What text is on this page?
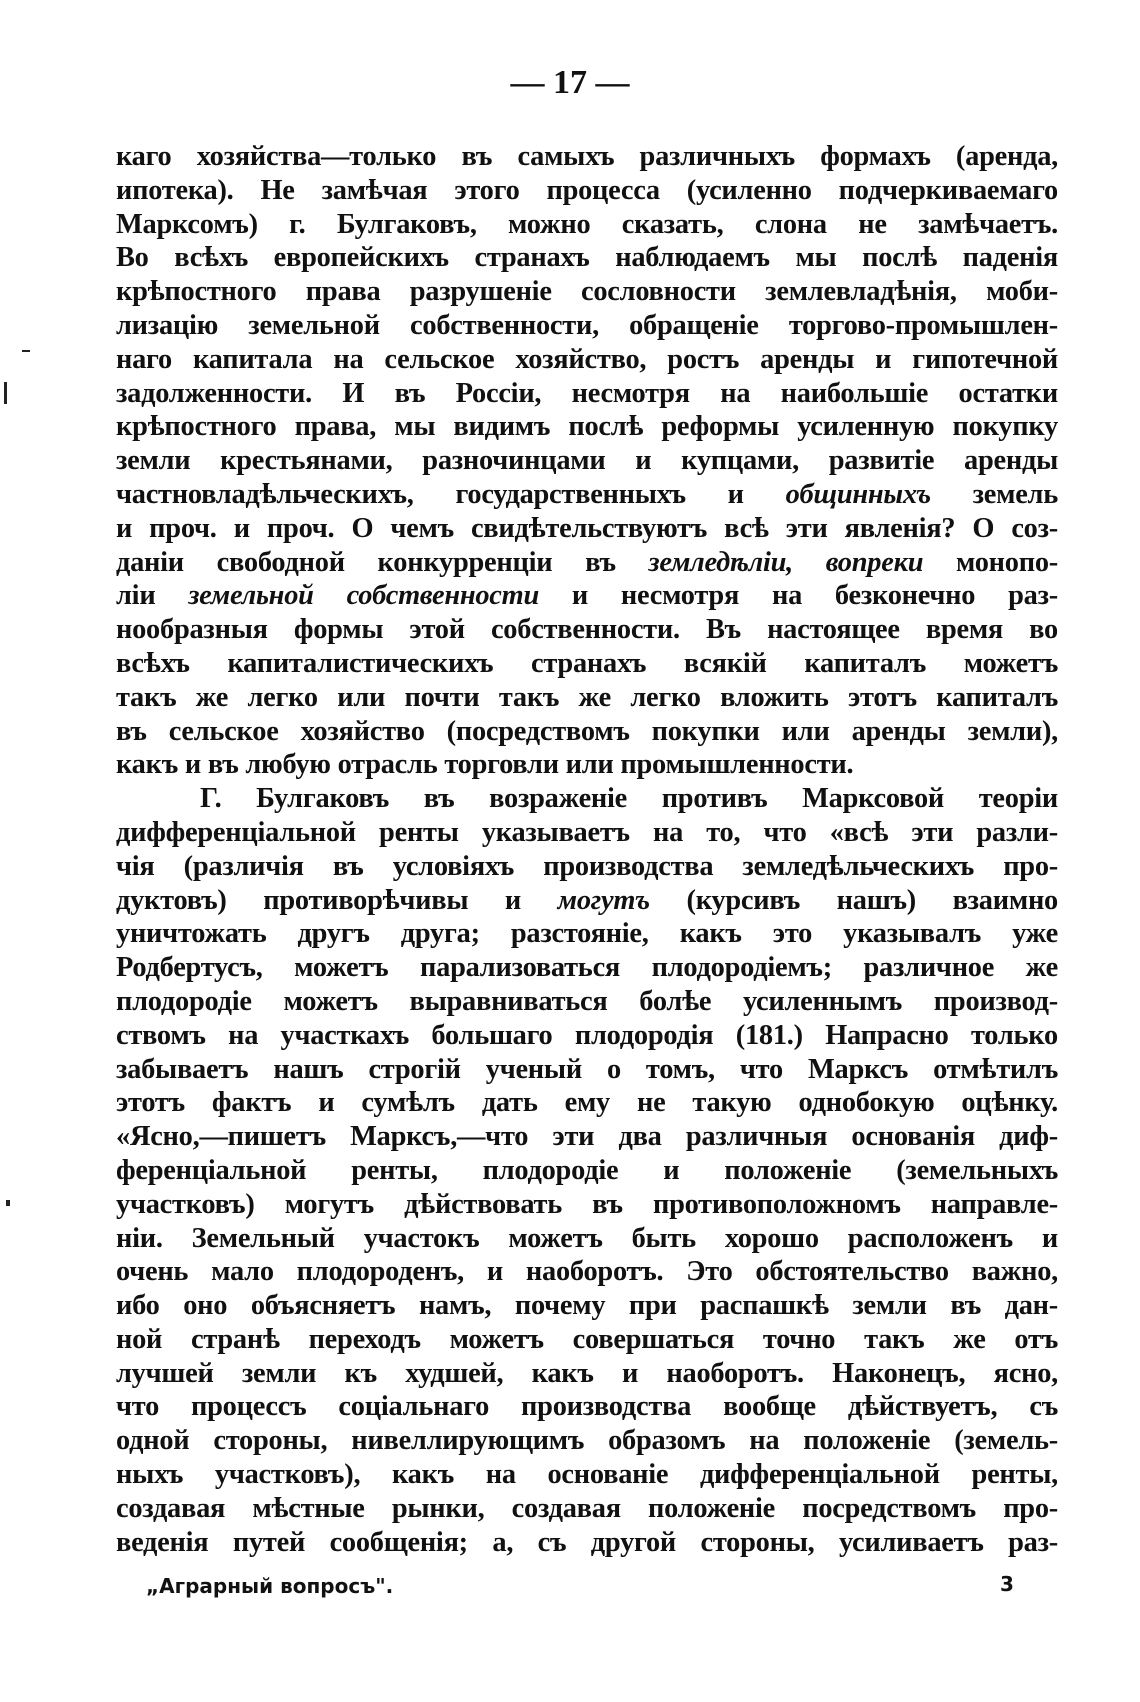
— 17 —
каго хозяйства—только въ самыхъ различныхъ формахъ (аренда,
ипотека). Не замѣчая этого процесса (усиленно подчеркиваемаго
Марксомъ) г. Булгаковъ, можно сказать, слона не замѣчаетъ.
Во всѣхъ европейскихъ странахъ наблюдаемъ мы послѣ паденія
крѣпостного права разрушеніе сословности землевладѣнія, моби-
лизацію земельной собственности, обращеніе торгово-промышлен-
наго капитала на сельское хозяйство, ростъ аренды и гипотечной
задолженности. И въ Россіи, несмотря на наибольшіе остатки
крѣпостного права, мы видимъ послѣ реформы усиленную покупку
земли крестьянами, разночинцами и купцами, развитіе аренды
частновладѣльческихъ, государственныхъ и общинныхъ земель
и проч. и проч. О чемъ свидѣтельствуютъ всѣ эти явленія? О соз-
даніи свободной конкурренціи въ земледѣліи, вопреки монопо-
ліи земельной собственности и несмотря на безконечно раз-
нообразныя формы этой собственности. Въ настоящее время во
всѣхъ капиталистическихъ странахъ всякій капиталъ можетъ
такъ же легко или почти такъ же легко вложить этотъ капиталъ
въ сельское хозяйство (посредствомъ покупки или аренды земли),
какъ и въ любую отрасль торговли или промышленности.
Г. Булгаковъ въ возраженіе противъ Марксовой теоріи
дифференціальной ренты указываетъ на то, что «всѣ эти разли-
чія (различія въ условіяхъ производства земледѣльческихъ про-
дуктовъ) противорѣчивы и могутъ (курсивъ нашъ) взаимно
уничтожать другъ друга; разстояніе, какъ это указывалъ уже
Родбертусъ, можетъ парализоваться плодородіемъ; различное же
плодородіе можетъ выравниваться болѣе усиленнымъ производ-
ствомъ на участкахъ большаго плодородія (181.) Напрасно только
забываетъ нашъ строгій ученый о томъ, что Марксъ отмѣтилъ
этотъ фактъ и сумѣлъ дать ему не такую однобокую оцѣнку.
«Ясно,—пишетъ Марксъ,—что эти два различныя основанія диф-
ференціальной ренты, плодородіе и положеніе (земельныхъ
участковъ) могутъ дѣйствовать въ противоположномъ направле-
ніи. Земельный участокъ можетъ быть хорошо расположенъ и
очень мало плодороденъ, и наоборотъ. Это обстоятельство важно,
ибо оно объясняетъ намъ, почему при распашкѣ земли въ дан-
ной странѣ переходъ можетъ совершаться точно такъ же отъ
лучшей земли къ худшей, какъ и наоборотъ. Наконецъ, ясно,
что процессъ соціальнаго производства вообще дѣйствуетъ, съ
одной стороны, нивеллирующимъ образомъ на положеніе (земель-
ныхъ участковъ), какъ на основаніе дифференціальной ренты,
создавая мѣстные рынки, создавая положеніе посредствомъ про-
веденія путей сообщенія; а, съ другой стороны, усиливаетъ раз-
„Аграрный вопросъ".	3
